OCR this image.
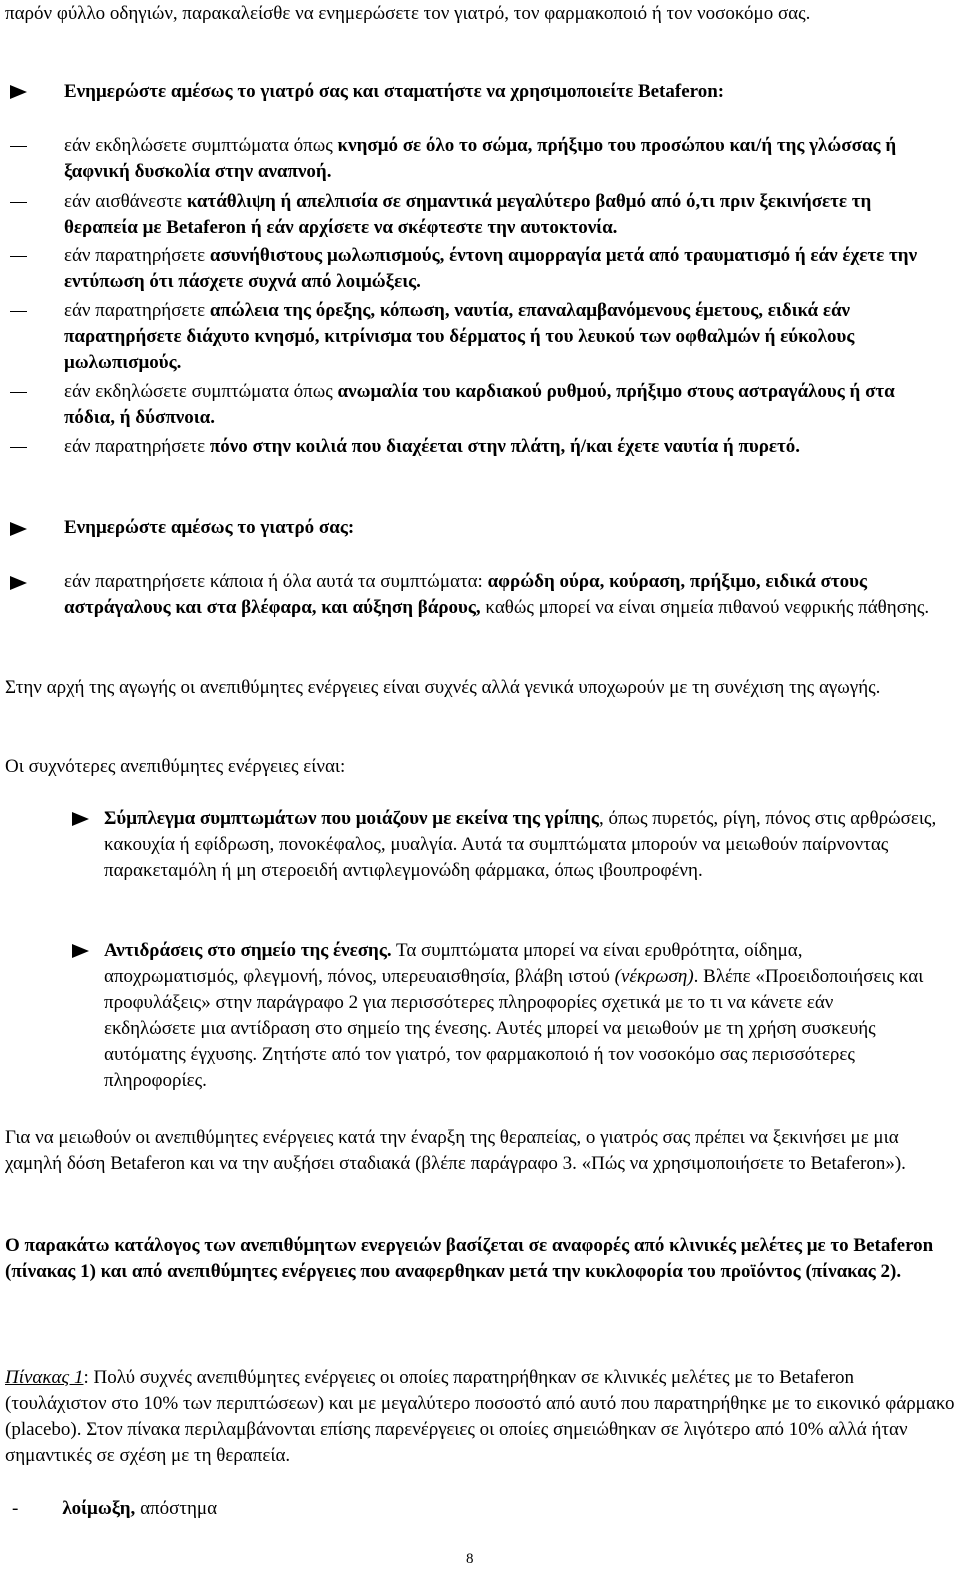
παρόν φύλλο οδηγιών, παρακαλείσθε να ενημερώσετε τον γιατρό, τον φαρμακοποιό ή τον νοσοκόμο σας.

Ενημερώστε αμέσως το γιατρό σας και σταματήστε να χρησιμοποιείτε Betaferon:

εάν εκδηλώσετε συμπτώματα όπως κνησμό σε όλο το σώμα, πρήξιμο του προσώπου και/ή της γλώσσας ή ξαφνική δυσκολία στην αναπνοή.

εάν αισθάνεστε κατάθλιψη ή απελπισία σε σημαντικά μεγαλύτερο βαθμό από ό,τι πριν ξεκινήσετε τη θεραπεία με Betaferon ή εάν αρχίσετε να σκέφτεστε την αυτοκτονία.

εάν παρατηρήσετε ασυνήθιστους μωλωπισμούς, έντονη αιμορραγία μετά από τραυματισμό ή εάν έχετε την εντύπωση ότι πάσχετε συχνά από λοιμώξεις.

εάν παρατηρήσετε απώλεια της όρεξης, κόπωση, ναυτία, επαναλαμβανόμενους έμετους, ειδικά εάν παρατηρήσετε διάχυτο κνησμό, κιτρίνισμα του δέρματος ή του λευκού των οφθαλμών ή εύκολους μωλωπισμούς.

εάν εκδηλώσετε συμπτώματα όπως ανωμαλία του καρδιακού ρυθμού, πρήξιμο στους αστραγάλους ή στα πόδια, ή δύσπνοια.

εάν παρατηρήσετε πόνο στην κοιλιά που διαχέεται στην πλάτη, ή/και έχετε ναυτία ή πυρετό.

Ενημερώστε αμέσως το γιατρό σας:

εάν παρατηρήσετε κάποια ή όλα αυτά τα συμπτώματα: αφρώδη ούρα, κούραση, πρήξιμο, ειδικά στους αστράγαλους και στα βλέφαρα, και αύξηση βάρους, καθώς μπορεί να είναι σημεία πιθανού νεφρικής πάθησης.

Στην αρχή της αγωγής οι ανεπιθύμητες ενέργειες είναι συχνές αλλά γενικά υποχωρούν με τη συνέχιση της αγωγής.

Οι συχνότερες ανεπιθύμητες ενέργειες είναι:

Σύμπλεγμα συμπτωμάτων που μοιάζουν με εκείνα της γρίπης, όπως πυρετός, ρίγη, πόνος στις αρθρώσεις, κακουχία ή εφίδρωση, πονοκέφαλος, μυαλγία. Αυτά τα συμπτώματα μπορούν να μειωθούν παίρνοντας παρακεταμόλη ή μη στεροειδή αντιφλεγμονώδη φάρμακα, όπως ιβουπροφένη.

Αντιδράσεις στο σημείο της ένεσης. Τα συμπτώματα μπορεί να είναι ερυθρότητα, οίδημα, αποχρωματισμός, φλεγμονή, πόνος, υπερευαισθησία, βλάβη ιστού (νέκρωση). Βλέπε «Προειδοποιήσεις και προφυλάξεις» στην παράγραφο 2 για περισσότερες πληροφορίες σχετικά με το τι να κάνετε εάν εκδηλώσετε μια αντίδραση στο σημείο της ένεσης. Αυτές μπορεί να μειωθούν με τη χρήση συσκευής αυτόματης έγχυσης. Ζητήστε από τον γιατρό, τον φαρμακοποιό ή τον νοσοκόμο σας περισσότερες πληροφορίες.

Για να μειωθούν οι ανεπιθύμητες ενέργειες κατά την έναρξη της θεραπείας, ο γιατρός σας πρέπει να ξεκινήσει με μια χαμηλή δόση Betaferon και να την αυξήσει σταδιακά (βλέπε παράγραφο 3. «Πώς να χρησιμοποιήσετε το Betaferon»).

Ο παρακάτω κατάλογος των ανεπιθύμητων ενεργειών βασίζεται σε αναφορές από κλινικές μελέτες με το Betaferon (πίνακας 1) και από ανεπιθύμητες ενέργειες που αναφερθηκαν μετά την κυκλοφορία του προϊόντος (πίνακας 2).

Πίνακας 1: Πολύ συχνές ανεπιθύμητες ενέργειες οι οποίες παρατηρήθηκαν σε κλινικές μελέτες με το Betaferon (τουλάχιστον στο 10% των περιπτώσεων) και με μεγαλύτερο ποσοστό από αυτό που παρατηρήθηκε με το εικονικό φάρμακο (placebo). Στον πίνακα περιλαμβάνονται επίσης παρενέργειες οι οποίες σημειώθηκαν σε λιγότερο από 10% αλλά ήταν σημαντικές σε σχέση με τη θεραπεία.

- λοίμωξη, απόστημα

8
